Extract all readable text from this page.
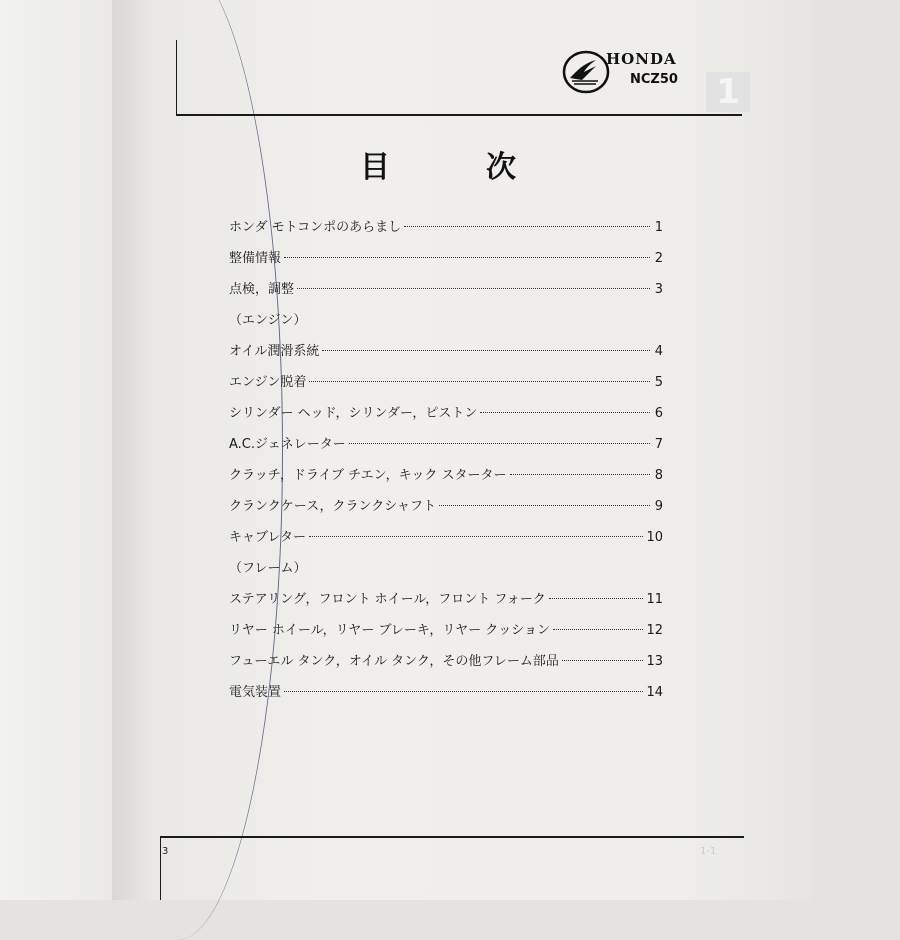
HONDA
NCZ50 1
目	次
ホンダ モトコンポのあらまし	1
整備情報	2
点検，調整	3
（エンジン）
オイル潤滑系統	4
エンジン脱着	5
シリンダー ヘッド，シリンダー，ピストン	6
A.C.ジェネレーター	7
クラッチ，ドライブ チエン，キック スターター	8
クランクケース，クランクシャフト	9
キャブレター	10
（フレーム）
ステアリング，フロント ホイール，フロント フォーク	11
リヤー ホイール，リヤー ブレーキ，リヤー クッション	12
フューエル タンク，オイル タンク，その他フレーム部品	13
電気装置	14
3	1-1
